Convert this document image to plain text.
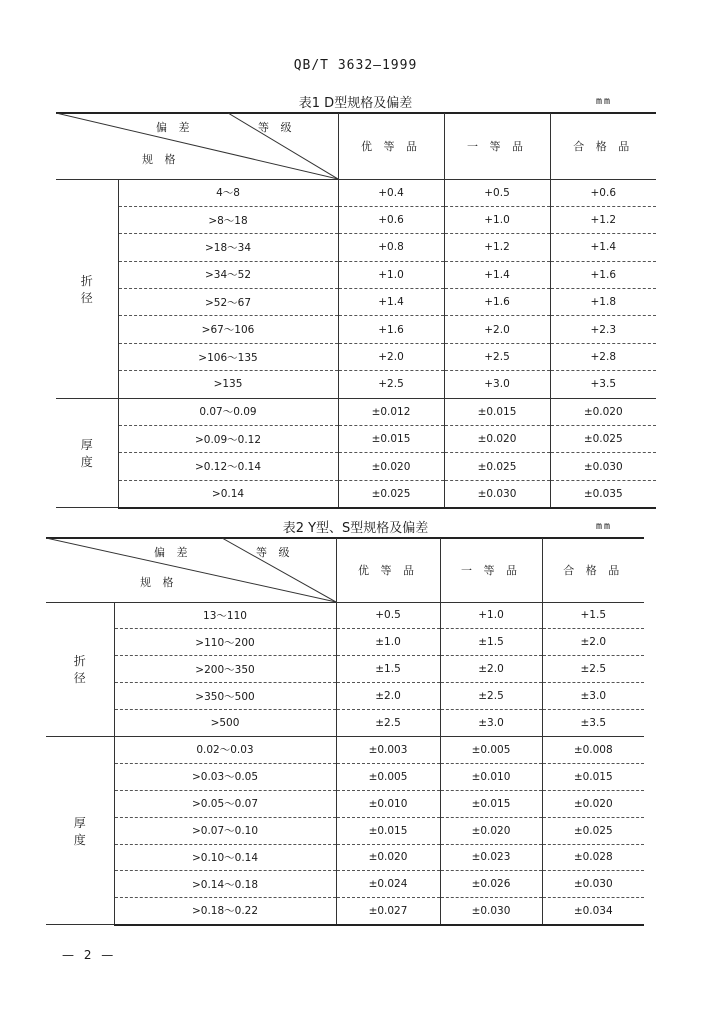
QB/T 3632—1999
表1 D型规格及偏差	mm
偏 差 等 级
规 格		优 等 品	一 等 品	合 格 品

折
径	4～8	+0.4	+0.5	+0.6
	>8～18	+0.6	+1.0	+1.2
	>18～34	+0.8	+1.2	+1.4
	>34～52	+1.0	+1.4	+1.6
	>52～67	+1.4	+1.6	+1.8
	>67～106	+1.6	+2.0	+2.3
	>106～135	+2.0	+2.5	+2.8
	>135	+2.5	+3.0	+3.5

厚
度	0.07～0.09	±0.012	±0.015	±0.020
	>0.09～0.12	±0.015	±0.020	±0.025
	>0.12～0.14	±0.020	±0.025	±0.030
	>0.14	±0.025	±0.030	±0.035
表2 Y型、S型规格及偏差	mm
偏 差 等 级
规 格		优 等 品	一 等 品	合 格 品

折
径	13～110	+0.5	+1.0	+1.5
	>110～200	±1.0	±1.5	±2.0
	>200～350	±1.5	±2.0	±2.5
	>350～500	±2.0	±2.5	±3.0
	>500	±2.5	±3.0	±3.5

厚
度	0.02～0.03	±0.003	±0.005	±0.008
	>0.03～0.05	±0.005	±0.010	±0.015
	>0.05～0.07	±0.010	±0.015	±0.020
	>0.07～0.10	±0.015	±0.020	±0.025
	>0.10～0.14	±0.020	±0.023	±0.028
	>0.14～0.18	±0.024	±0.026	±0.030
	>0.18～0.22	±0.027	±0.030	±0.034
— 2 —
